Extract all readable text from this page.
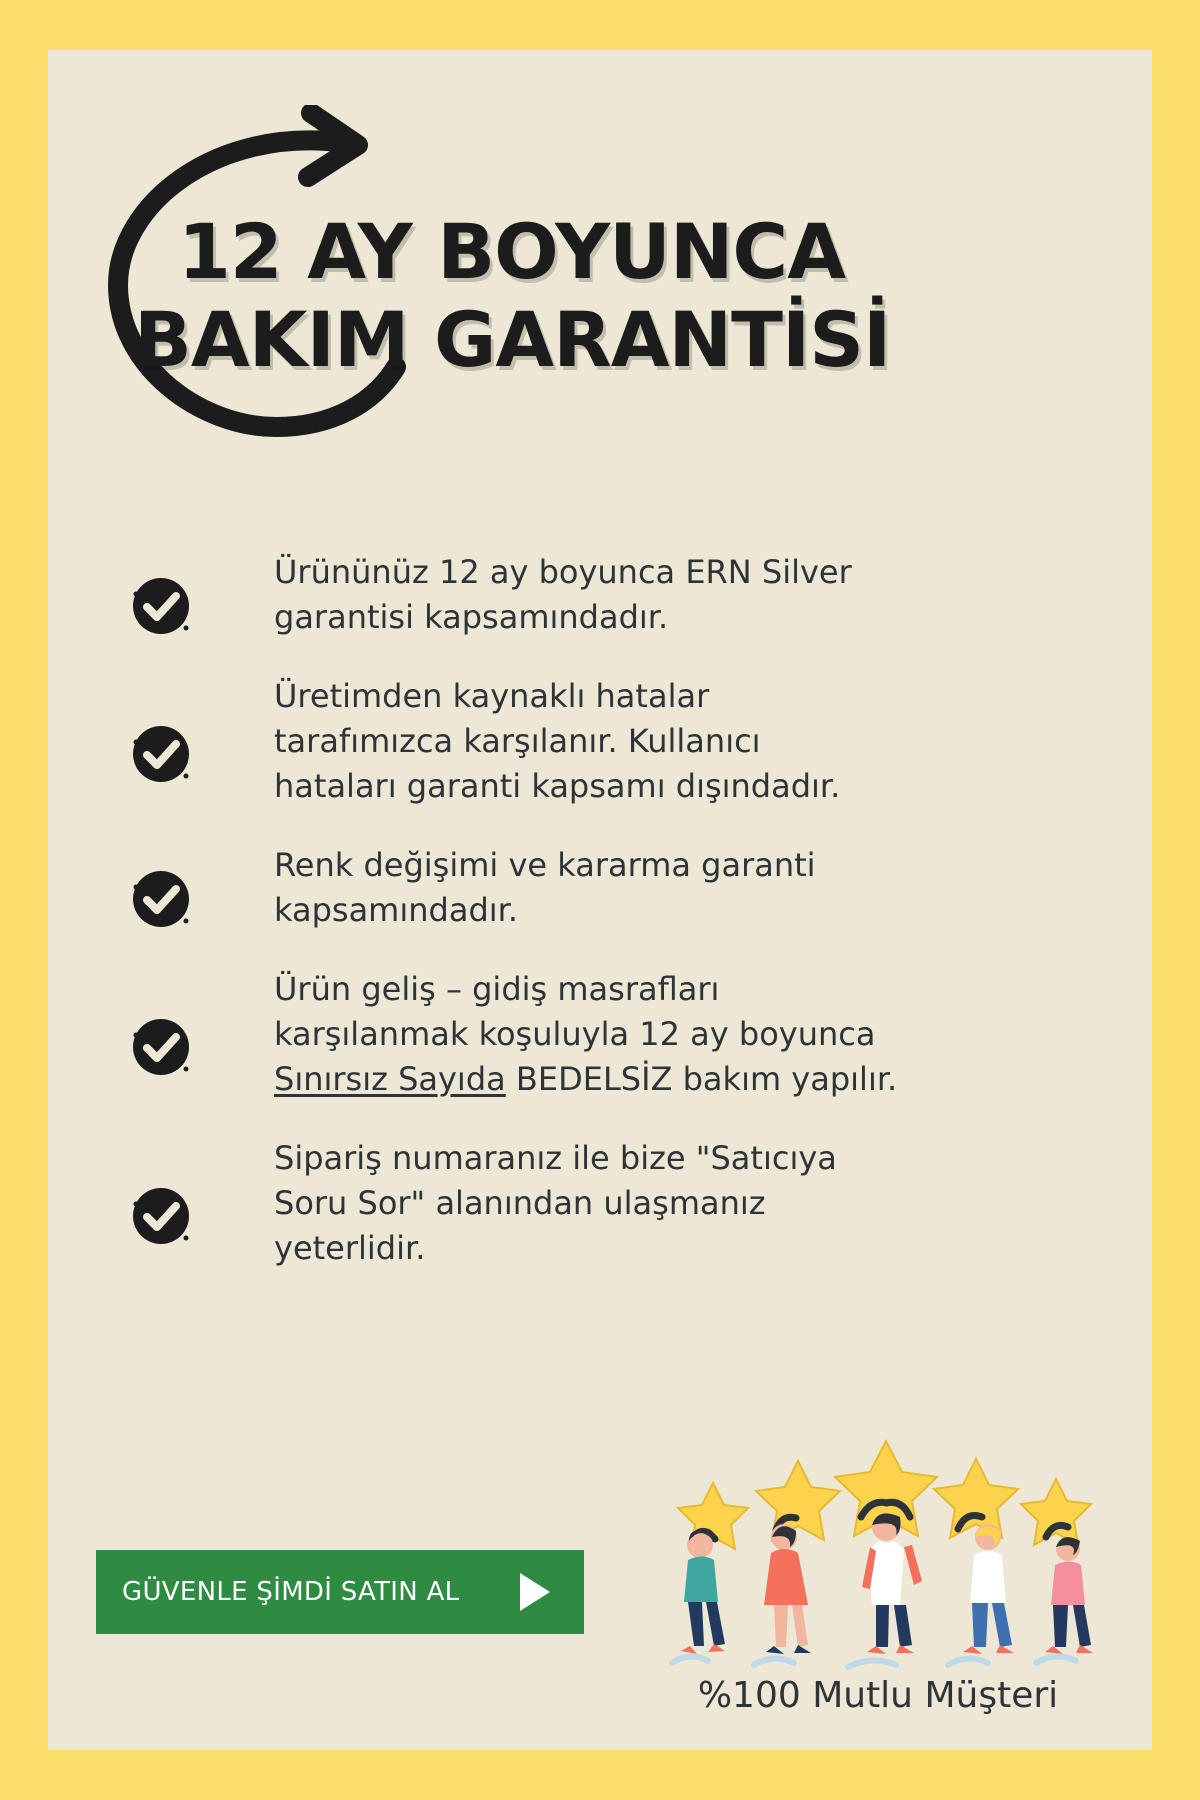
12 AY BOYUNCA
BAKIM GARANTİSİ
Ürününüz 12 ay boyunca ERN Silver
garantisi kapsamındadır.
Üretimden kaynaklı hatalar
tarafımızca karşılanır. Kullanıcı
hataları garanti kapsamı dışındadır.
Renk değişimi ve kararma garanti
kapsamındadır.
Ürün geliş – gidiş masrafları
karşılanmak koşuluyla 12 ay boyunca
Sınırsız Sayıda BEDELSİZ bakım yapılır.
Sipariş numaranız ile bize "Satıcıya
Soru Sor" alanından ulaşmanız
yeterlidir.
GÜVENLE ŞİMDİ SATIN AL
%100 Mutlu Müşteri
